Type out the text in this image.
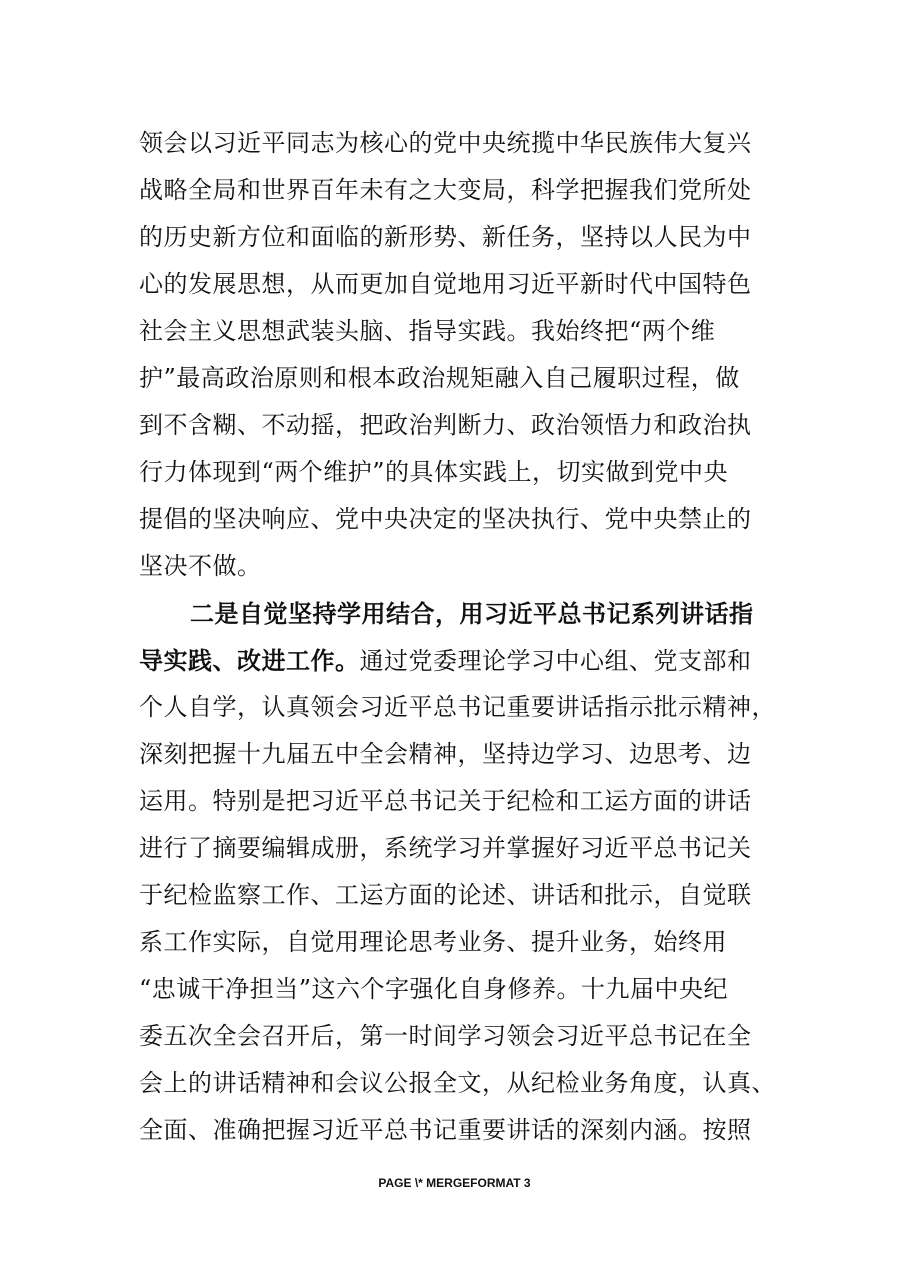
领会以习近平同志为核心的党中央统揽中华民族伟大复兴
战略全局和世界百年未有之大变局，科学把握我们党所处
的历史新方位和面临的新形势、新任务，坚持以人民为中
心的发展思想，从而更加自觉地用习近平新时代中国特色
社会主义思想武装头脑、指导实践。我始终把“两个维
护”最高政治原则和根本政治规矩融入自己履职过程，做
到不含糊、不动摇，把政治判断力、政治领悟力和政治执
行力体现到“两个维护”的具体实践上，切实做到党中央
提倡的坚决响应、党中央决定的坚决执行、党中央禁止的
坚决不做。
二是自觉坚持学用结合，用习近平总书记系列讲话指
导实践、改进工作。通过党委理论学习中心组、党支部和
个人自学，认真领会习近平总书记重要讲话指示批示精神，
深刻把握十九届五中全会精神，坚持边学习、边思考、边
运用。特别是把习近平总书记关于纪检和工运方面的讲话
进行了摘要编辑成册，系统学习并掌握好习近平总书记关
于纪检监察工作、工运方面的论述、讲话和批示，自觉联
系工作实际，自觉用理论思考业务、提升业务，始终用
“忠诚干净担当”这六个字强化自身修养。十九届中央纪
委五次全会召开后，第一时间学习领会习近平总书记在全
会上的讲话精神和会议公报全文，从纪检业务角度，认真、
全面、准确把握习近平总书记重要讲话的深刻内涵。按照
PAGE \* MERGEFORMAT 3
